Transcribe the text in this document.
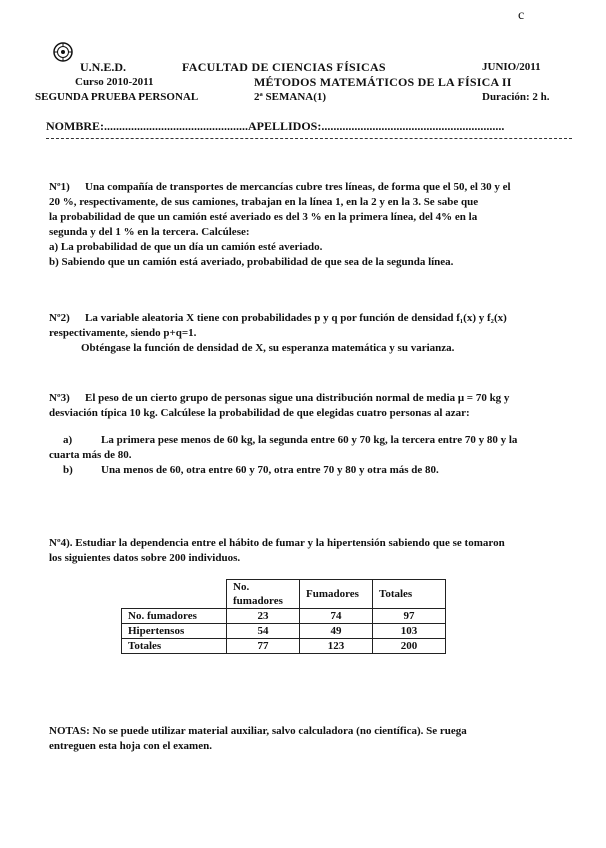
c
U.N.E.D.	FACULTAD DE CIENCIAS FÍSICAS	JUNIO/2011
Curso 2010-2011	MÉTODOS MATEMÁTICOS DE LA FÍSICA II
SEGUNDA PRUEBA PERSONAL	2ª SEMANA(1)	Duración: 2 h.
NOMBRE:................................................APELLIDOS:.............................................................

Nº1) Una compañía de transportes de mercancías cubre tres líneas, de forma que el 50, el 30 y el

20 %, respectivamente, de sus camiones, trabajan en la línea 1, en la 2 y en la 3. Se sabe que

la probabilidad de que un camión esté averiado es del 3 % en la primera línea, del 4% en la

segunda y del 1 % en la tercera. Calcúlese:

a) La probabilidad de que un día un camión esté averiado.

b) Sabiendo que un camión está averiado, probabilidad de que sea de la segunda línea.

Nº2) La variable aleatoria X tiene con probabilidades p y q por función de densidad f₁(x) y f₂(x)

respectivamente, siendo p+q=1.

Obténgase la función de densidad de X, su esperanza matemática y su varianza.

Nº3) El peso de un cierto grupo de personas sigue una distribución normal de media μ = 70 kg y

desviación típica 10 kg. Calcúlese la probabilidad de que elegidas cuatro personas al azar:

a)	La primera pese menos de 60 kg, la segunda entre 60 y 70 kg, la tercera entre 70 y 80 y la

cuarta más de 80.

b)	Una menos de 60, otra entre 60 y 70, otra entre 70 y 80 y otra más de 80.

Nº4). Estudiar la dependencia entre el hábito de fumar y la hipertensión sabiendo que se tomaron

los siguientes datos sobre 200 individuos.

	No. fumadores	Fumadores	Totales
No. fumadores	23	74	97
Hipertensos	54	49	103
Totales	77	123	200

NOTAS: No se puede utilizar material auxiliar, salvo calculadora (no científica). Se ruega

entreguen esta hoja con el examen.
